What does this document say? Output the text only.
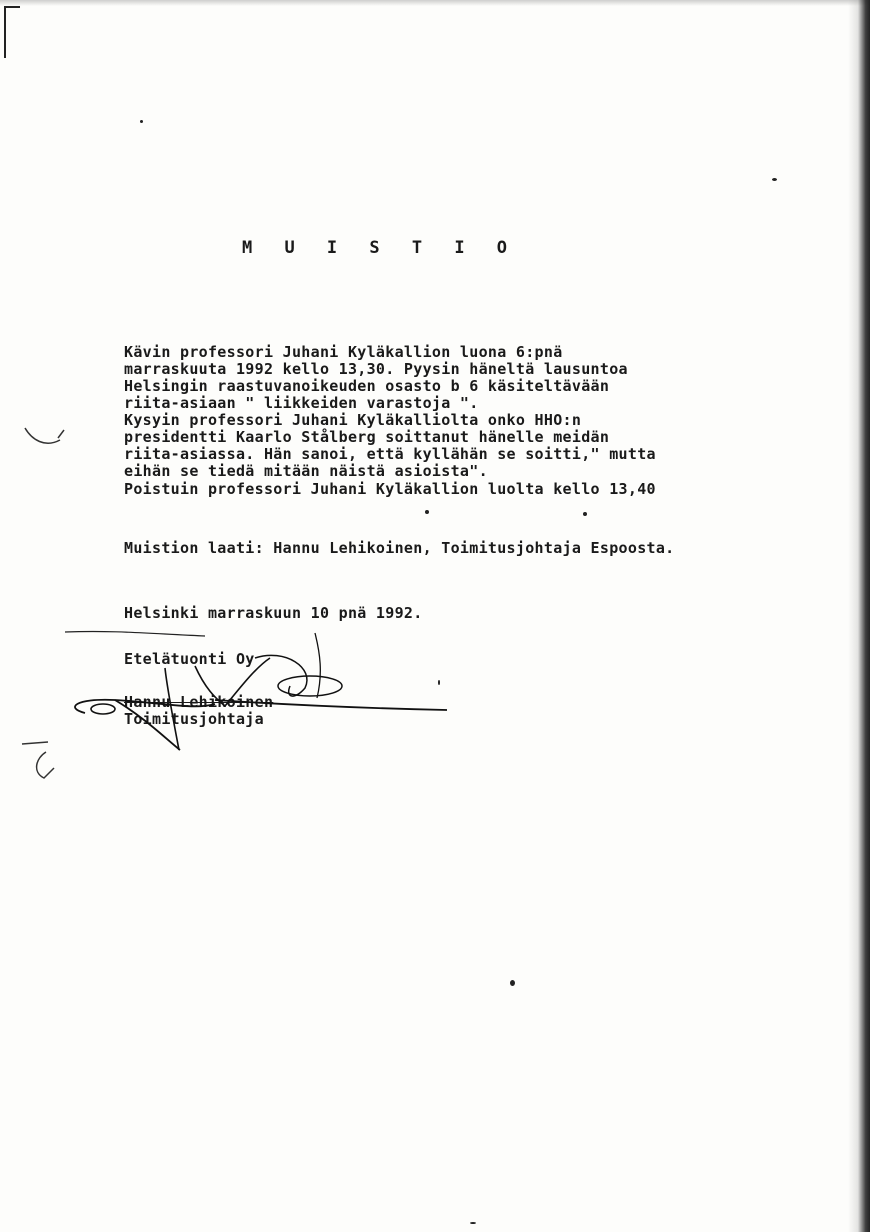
M U I S T I O
Kävin professori Juhani Kyläkallion luona 6:pnä
marraskuuta 1992 kello 13,30. Pyysin häneltä lausuntoa
Helsingin raastuvanoikeuden osasto b 6 käsiteltävään
riita-asiaan " liikkeiden varastoja ".
Kysyin professori Juhani Kyläkalliolta onko HHO:n
presidentti Kaarlo Stålberg soittanut hänelle meidän
riita-asiassa. Hän sanoi, että kyllähän se soitti," mutta
eihän se tiedä mitään näistä asioista".
Poistuin professori Juhani Kyläkallion luolta kello 13,40
Muistion laati: Hannu Lehikoinen, Toimitusjohtaja Espoosta.
Helsinki marraskuun 10 pnä 1992.
Etelätuonti Oy
Hannu Lehikoinen
Toimitusjohtaja
